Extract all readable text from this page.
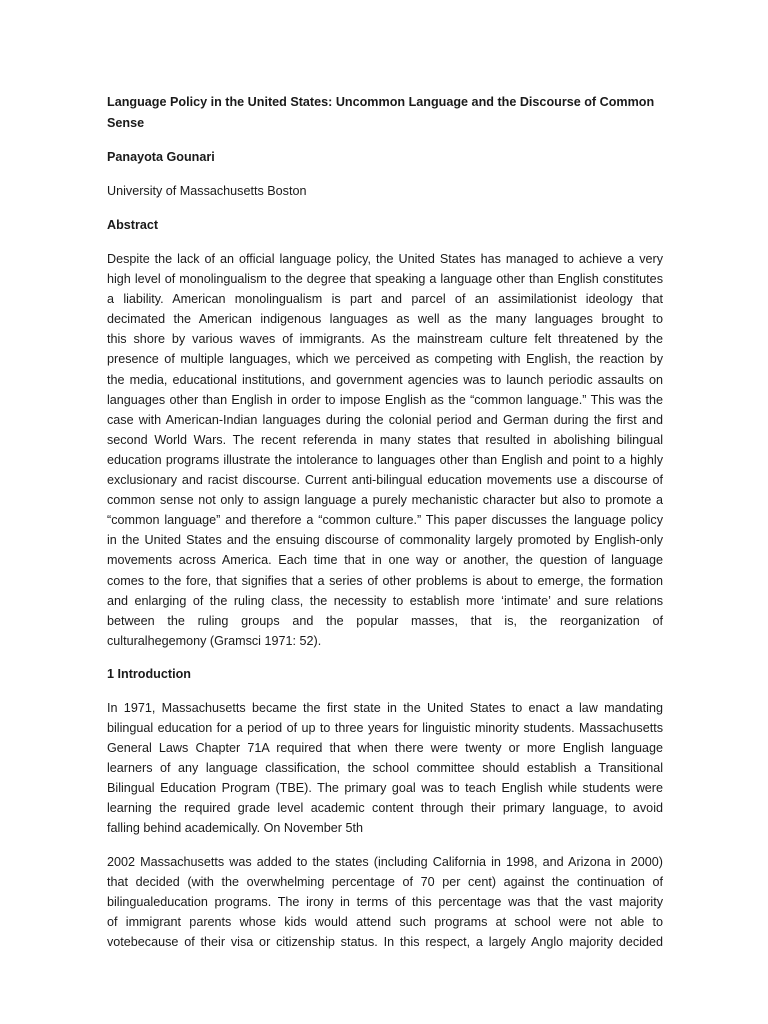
Language Policy in the United States: Uncommon Language and the Discourse of Common Sense

Panayota Gounari

University of Massachusetts Boston

Abstract

Despite the lack of an official language policy, the United States has managed to achieve a very
high level of monolingualism to the degree that speaking a language other than English constitutes
a liability. American monolingualism is part and parcel of an assimilationist ideology that
decimated the American indigenous languages as well as the many languages brought to
this shore by various waves of immigrants. As the mainstream culture felt threatened by the
presence of multiple languages, which we perceived as competing with English, the reaction by
the media, educational institutions, and government agencies was to launch periodic assaults on
languages other than English in order to impose English as the “common language.” This was the
case with American-Indian languages during the colonial period and German during the first and
second World Wars. The recent referenda in many states that resulted in abolishing bilingual
education programs illustrate the intolerance to languages other than English and point to a highly
exclusionary and racist discourse. Current anti-bilingual education movements use a discourse of
common sense not only to assign language a purely mechanistic character but also to promote a
“common language” and therefore a “common culture.” This paper discusses the language policy
in the United States and the ensuing discourse of commonality largely promoted by English-only
movements across America. Each time that in one way or another, the question of language
comes to the fore, that signifies that a series of other problems is about to emerge, the formation
and enlarging of the ruling class, the necessity to establish more ‘intimate’ and sure relations
between the ruling groups and the popular masses, that is, the reorganization of
culturalhegemony (Gramsci 1971: 52).

1 Introduction

In 1971, Massachusetts became the first state in the United States to enact a law mandating
bilingual education for a period of up to three years for linguistic minority students. Massachusetts
General Laws Chapter 71A required that when there were twenty or more English language
learners of any language classification, the school committee should establish a Transitional
Bilingual Education Program (TBE). The primary goal was to teach English while students were
learning the required grade level academic content through their primary language, to avoid
falling behind academically. On November 5th

2002 Massachusetts was added to the states (including California in 1998, and Arizona in 2000)
that decided (with the overwhelming percentage of 70 per cent) against the continuation of
bilingualeducation programs. The irony in terms of this percentage was that the vast majority
of immigrant parents whose kids would attend such programs at school were not able to
votebecause of their visa or citizenship status. In this respect, a largely Anglo majority decided
